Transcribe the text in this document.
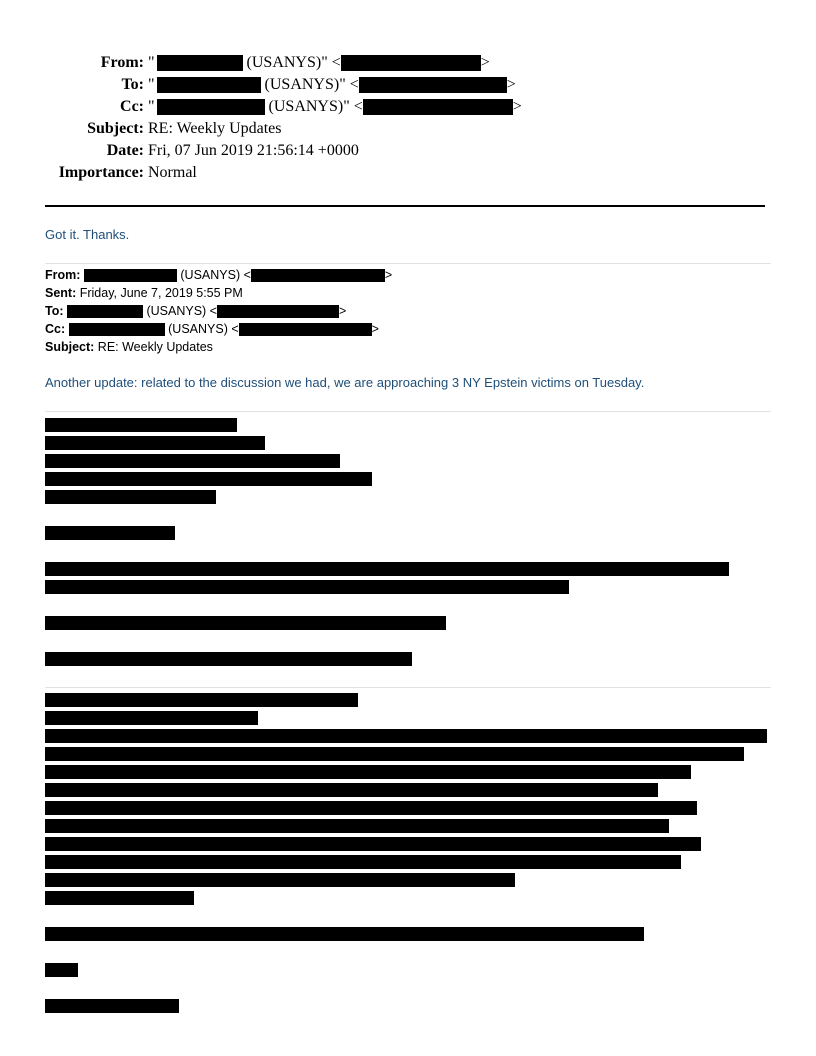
From: "	(USANYS)" <	>
To: "	(USANYS)" <	>
Cc: "	(USANYS)" <	>
Subject: RE: Weekly Updates
Date: Fri, 07 Jun 2019 21:56:14 +0000
Importance: Normal
Got it. Thanks.
From:	(USANYS) <	>
Sent: Friday, June 7, 2019 5:55 PM
To:	(USANYS) <	>
Cc:	(USANYS) <	>
Subject: RE: Weekly Updates
Another update: related to the discussion we had, we are approaching 3 NY Epstein victims on Tuesday.
